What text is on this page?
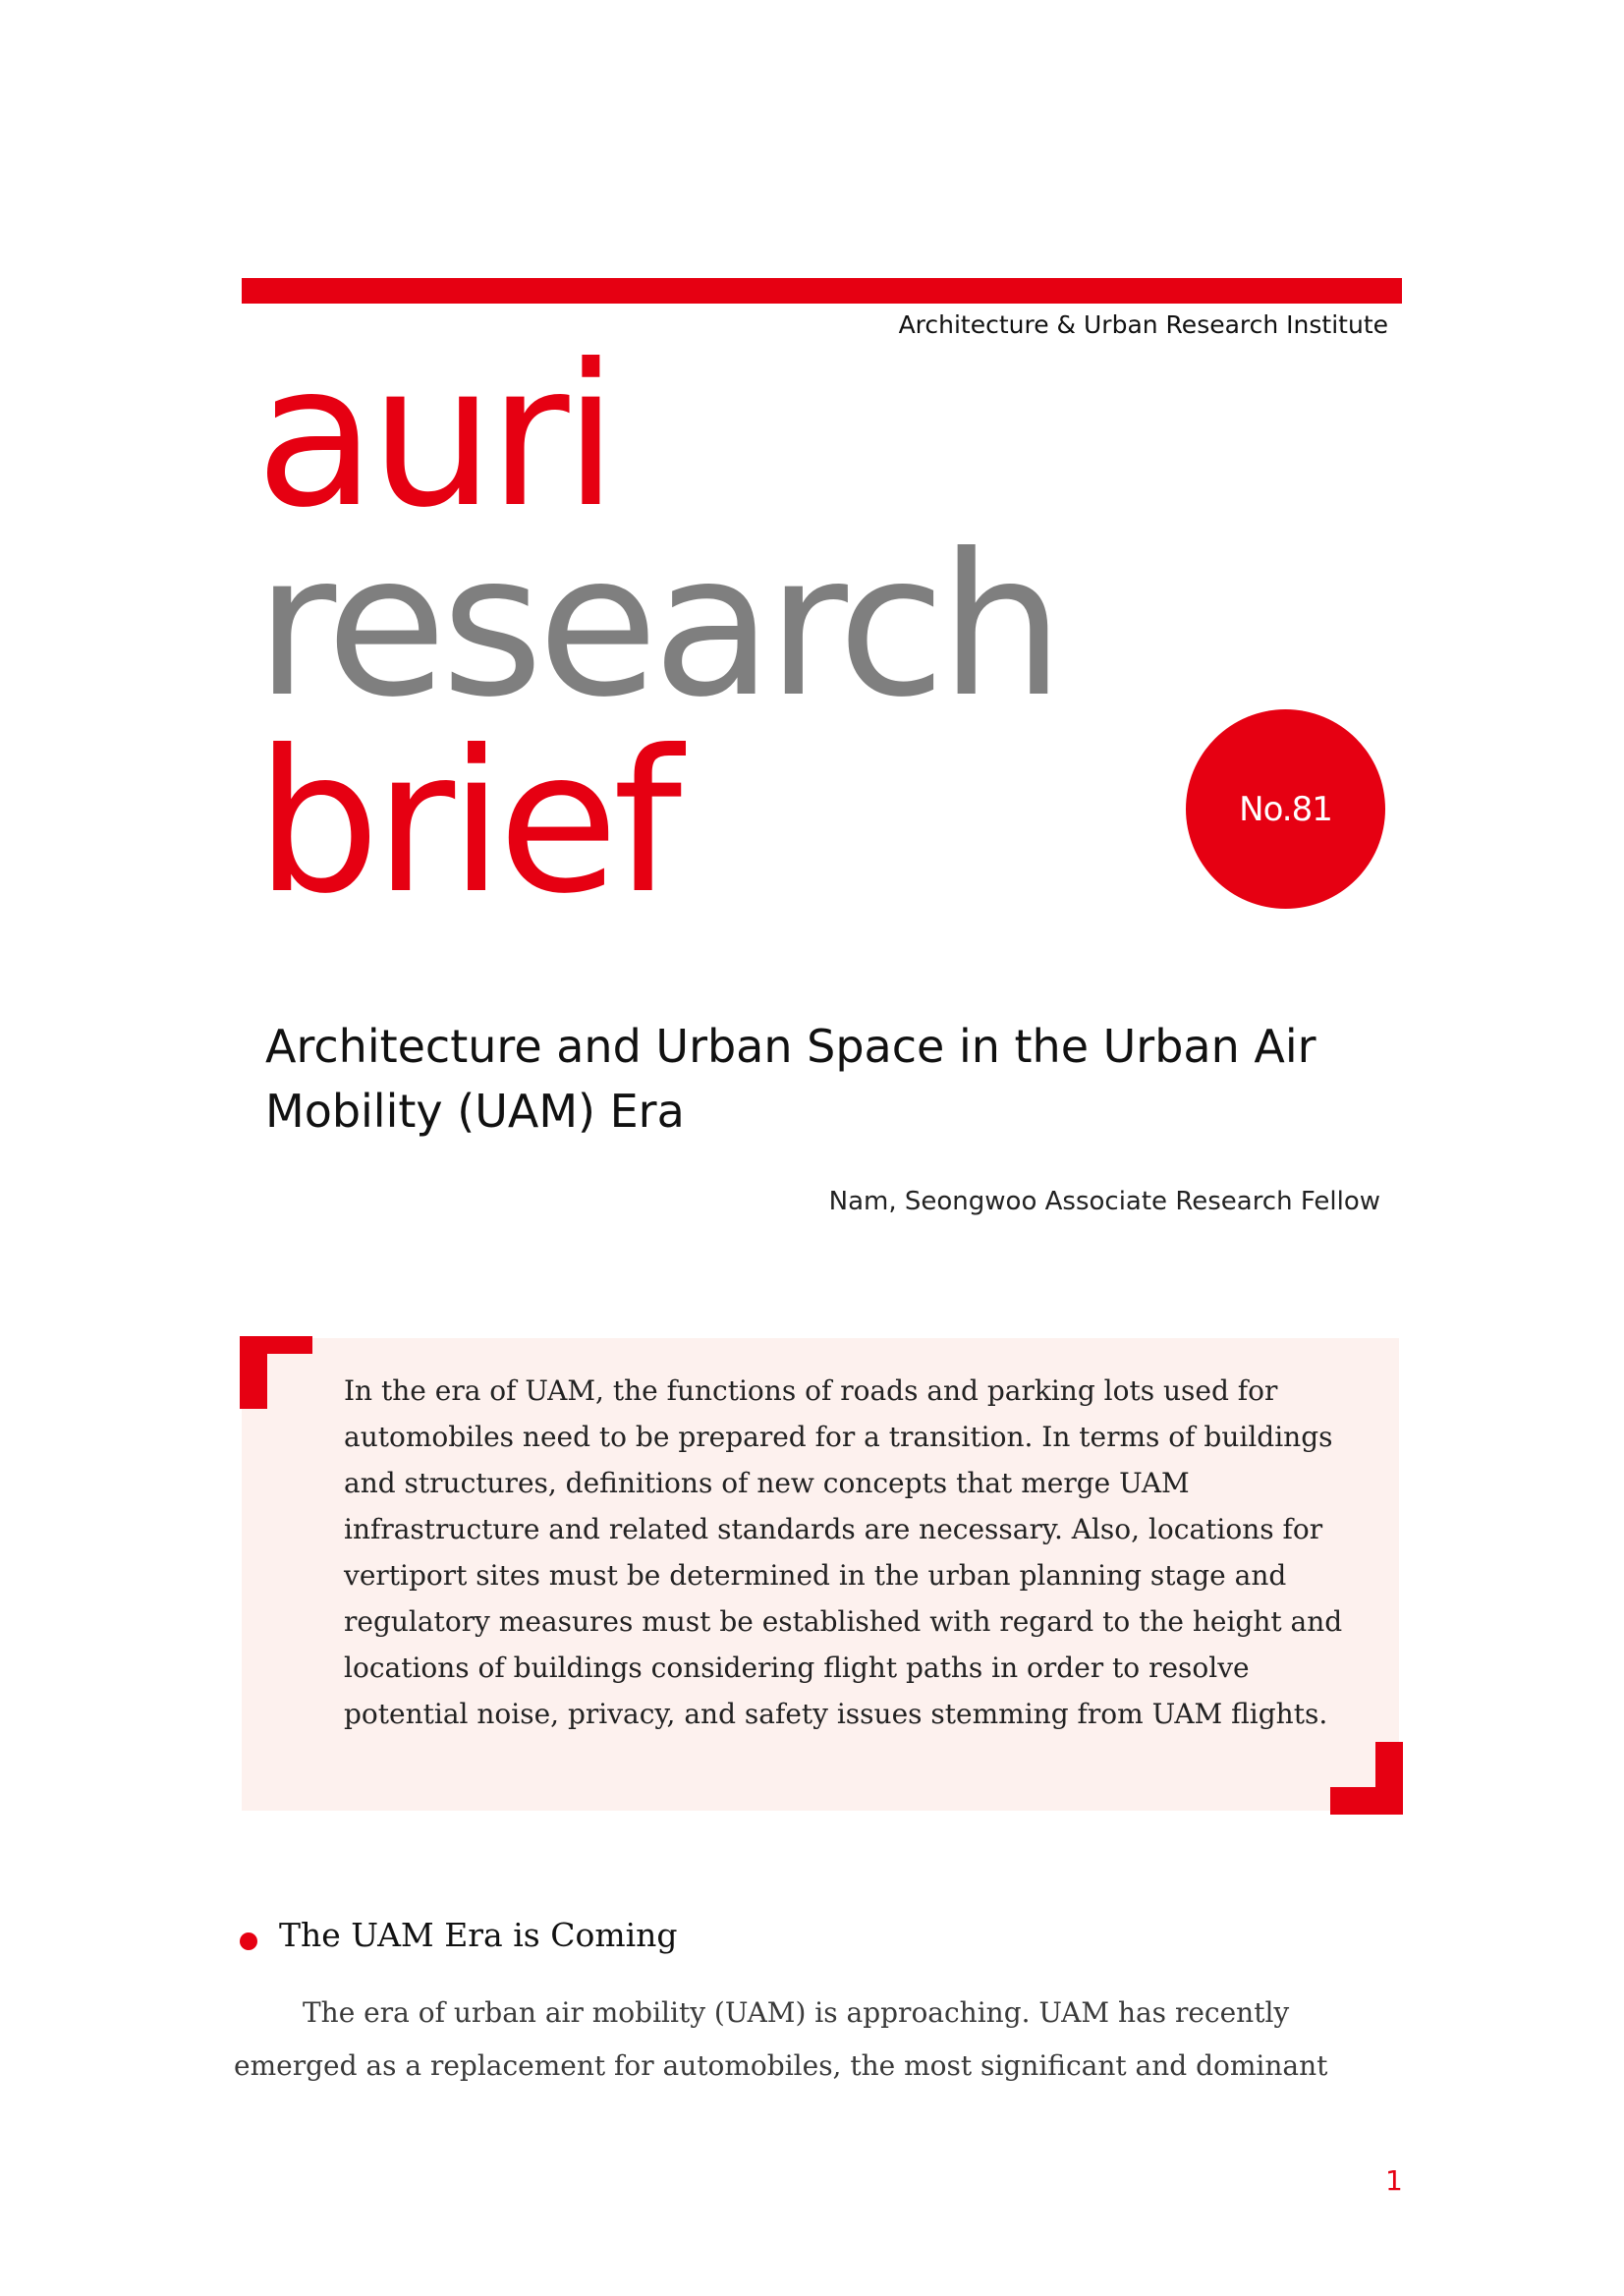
Architecture & Urban Research Institute
auri
research
brief	No.81
Architecture and Urban Space in the Urban Air Mobility (UAM) Era
Nam, Seongwoo Associate Research Fellow

In the era of UAM, the functions of roads and parking lots used for automobiles need to be prepared for a transition. In terms of buildings and structures, definitions of new concepts that merge UAM infrastructure and related standards are necessary. Also, locations for vertiport sites must be determined in the urban planning stage and regulatory measures must be established with regard to the height and locations of buildings considering flight paths in order to resolve potential noise, privacy, and safety issues stemming from UAM flights.

The UAM Era is Coming

The era of urban air mobility (UAM) is approaching. UAM has recently emerged as a replacement for automobiles, the most significant and dominant

1
